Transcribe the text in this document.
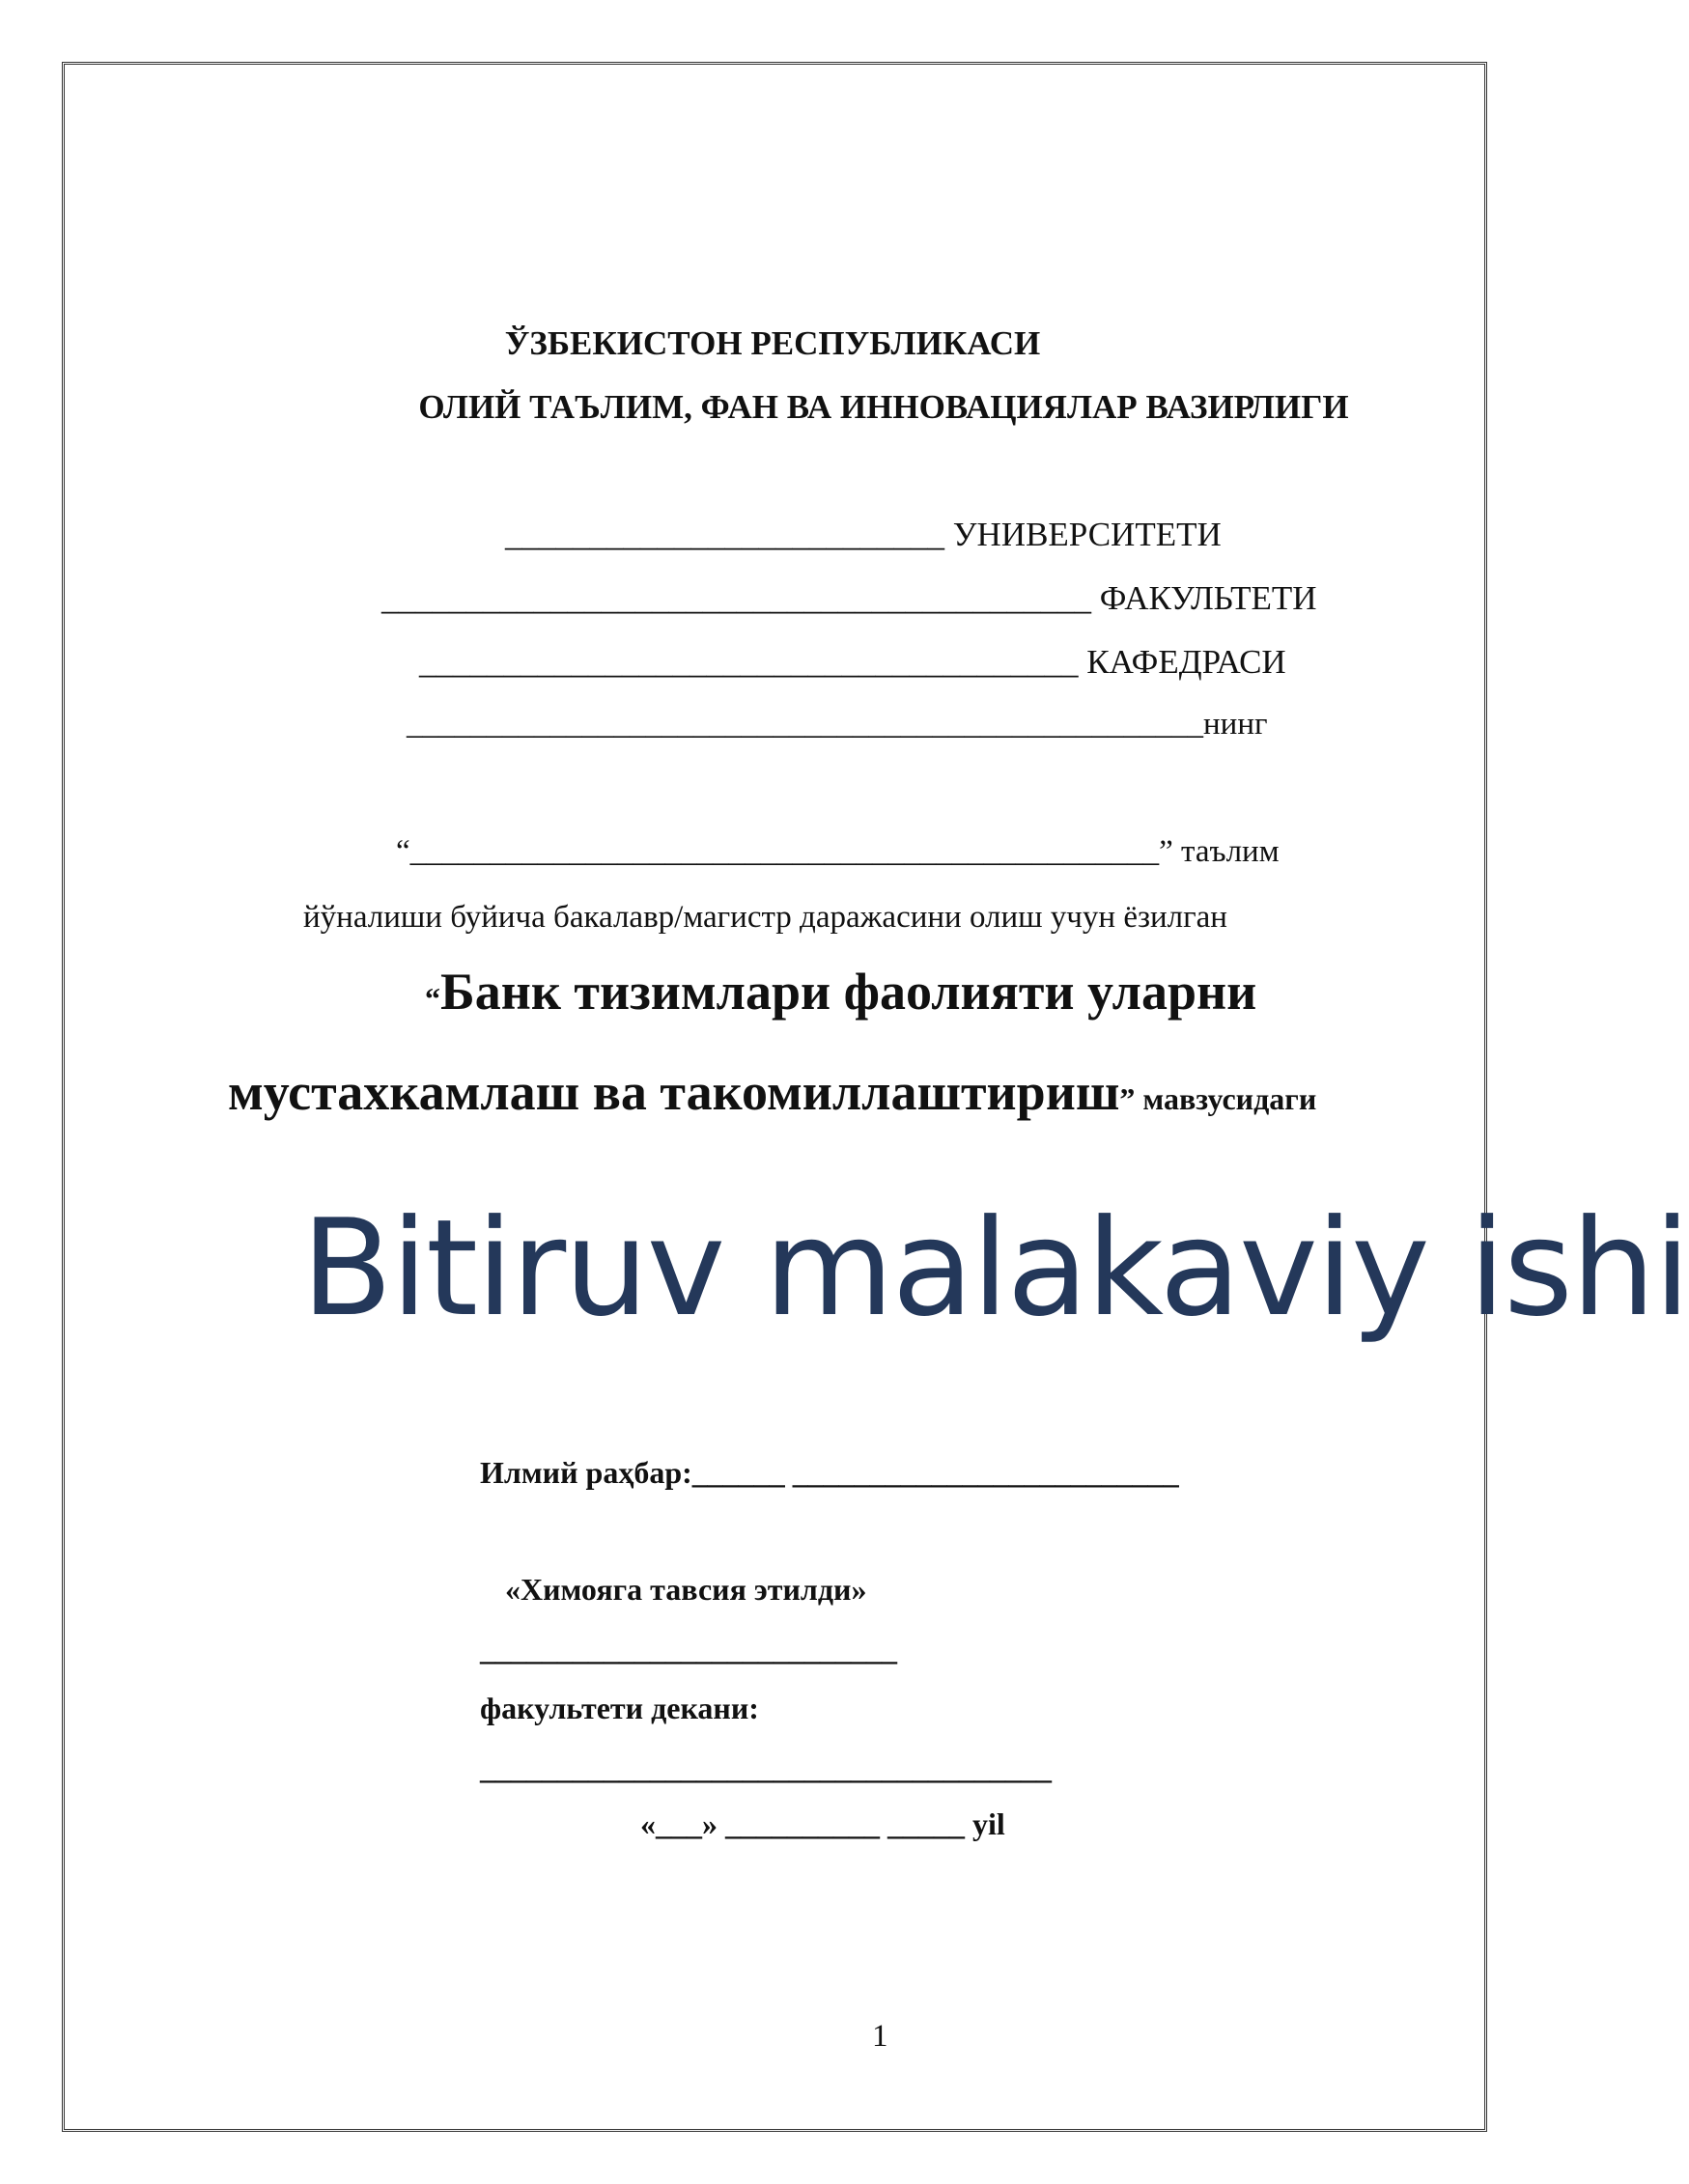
ЎЗБЕКИСТОН РЕСПУБЛИКАСИ
ОЛИЙ ТАЪЛИМ, ФАН ВА ИННОВАЦИЯЛАР ВАЗИРЛИГИ
__________________________ УНИВЕРСИТЕТИ
__________________________________________ ФАКУЛЬТЕТИ
_______________________________________ КАФЕДРАСИ
__________________________________________________нинг
“_______________________________________________” таълим
йўналиши буйича бакалавр/магистр даражасини олиш учун ёзилган
“Банк тизимлари фаолияти уларни
мустахкамлаш ва такомиллаштириш” мавзусидаги
Bitiruv malakaviy ishi
Илмий раҳбар:______ _________________________
«Химояга тавсия этилди»
___________________________
факультети декани:
_____________________________________
«___» __________ _____ yil
1
